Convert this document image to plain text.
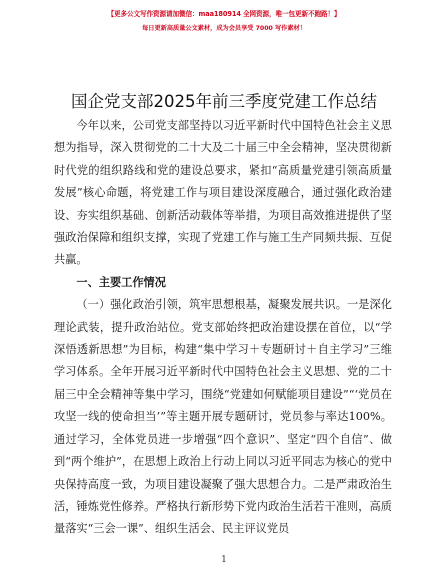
【更多公文写作资源请加微信：maa180914 全网资源，唯一包更新不跑路！】
每日更新高质量公文素材，成为会员享受 7000 写作素材！
国企党支部2025年前三季度党建工作总结

今年以来，公司党支部坚持以习近平新时代中国特色社会主义思想为指导，深入贯彻党的二十大及二十届三中全会精神，坚决贯彻新时代党的组织路线和党的建设总要求，紧扣“高质量党建引领高质量发展”核心命题，将党建工作与项目建设深度融合，通过强化政治建设、夯实组织基础、创新活动载体等举措，为项目高效推进提供了坚强政治保障和组织支撑，实现了党建工作与施工生产同频共振、互促共赢。

一、主要工作情况

（一）强化政治引领，筑牢思想根基，凝聚发展共识。一是深化理论武装，提升政治站位。党支部始终把政治建设摆在首位，以“学深悟透新思想”为目标，构建“集中学习＋专题研讨＋自主学习”三维学习体系。全年开展习近平新时代中国特色社会主义思想、党的二十届三中全会精神等集中学习，围绕“党建如何赋能项目建设”“‘党员在攻坚一线的使命担当’”等主题开展专题研讨，党员参与率达100%。通过学习，全体党员进一步增强“四个意识”、坚定“四个自信”、做到“两个维护”，在思想上政治上行动上同以习近平同志为核心的党中央保持高度一致，为项目建设凝聚了强大思想合力。二是严肃政治生活，锤炼党性修养。严格执行新形势下党内政治生活若干准则，高质量落实“三会一课”、组织生活会、民主评议党员

1
